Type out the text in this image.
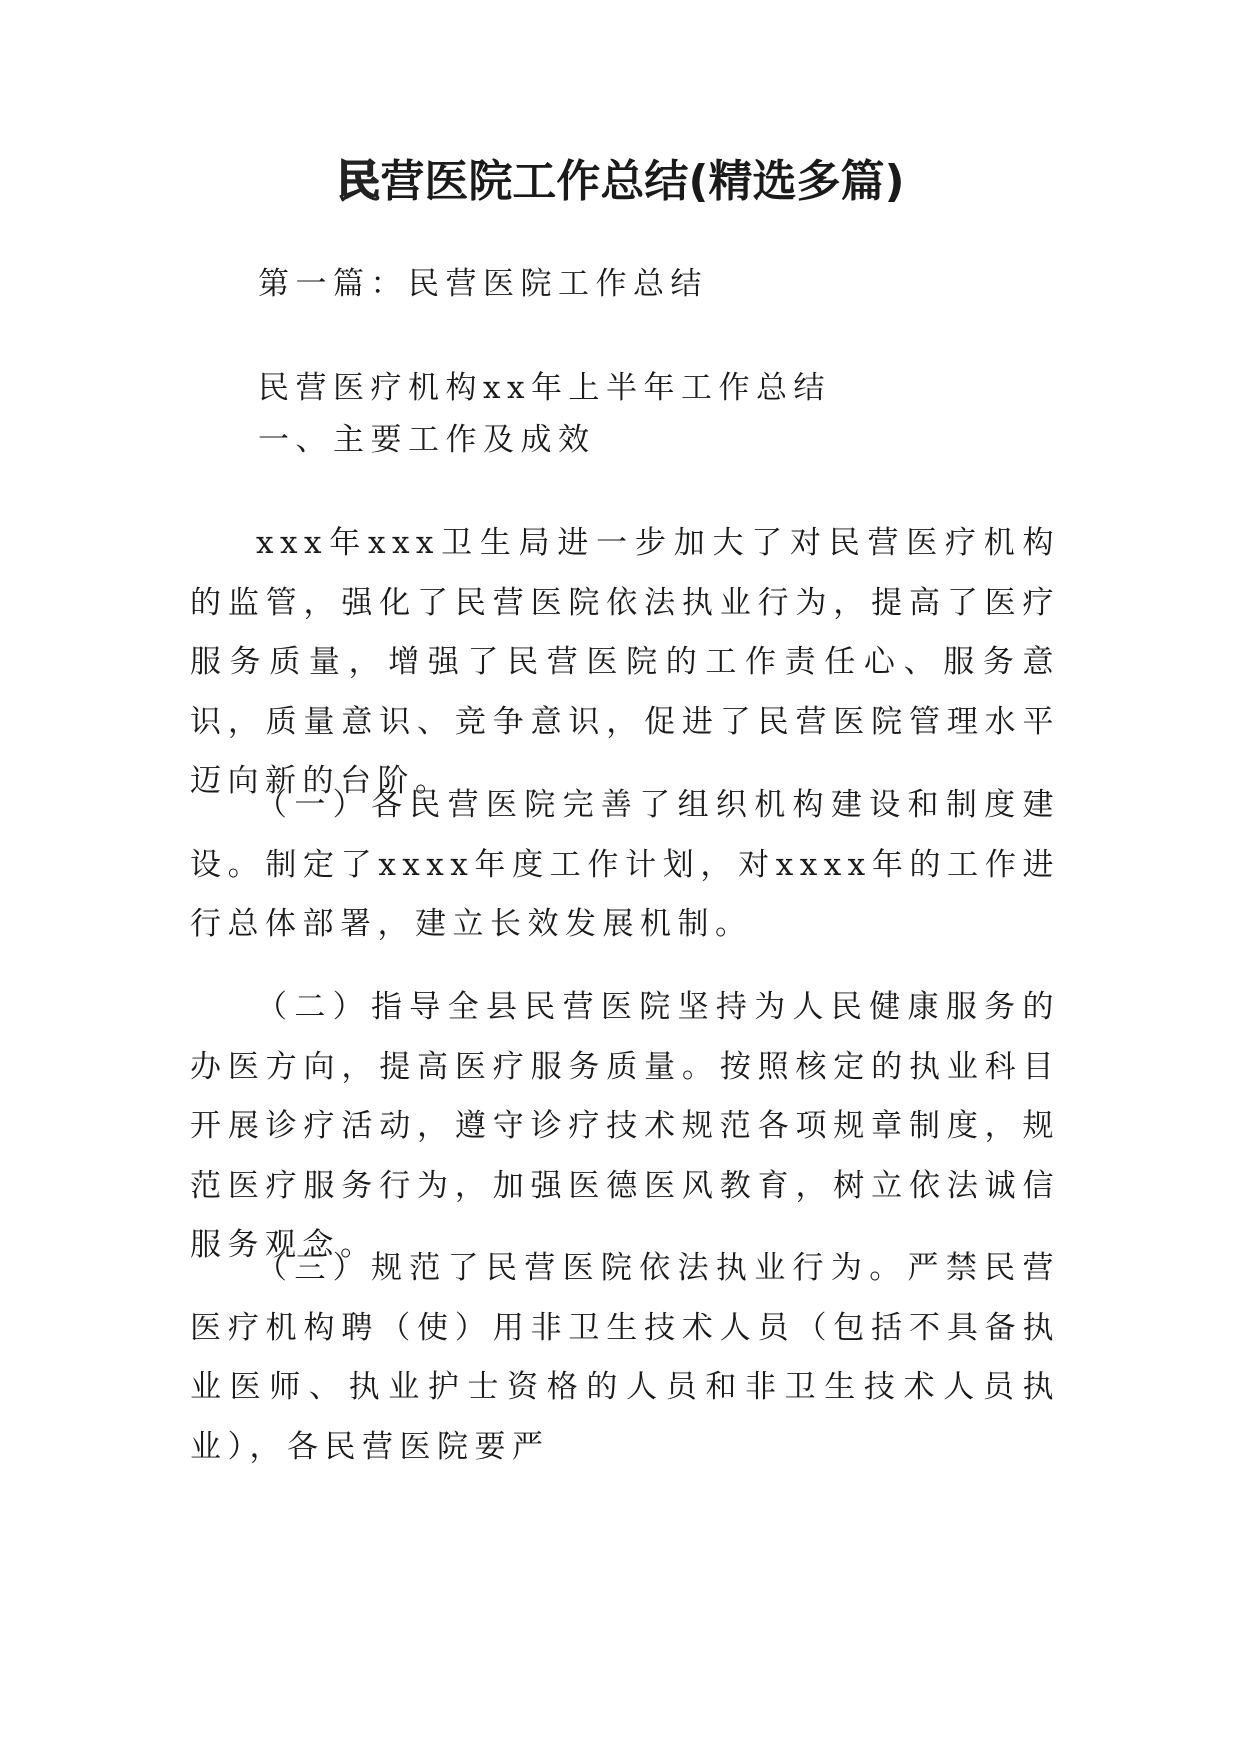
民营医院工作总结(精选多篇)
第一篇：民营医院工作总结
民营医疗机构xx年上半年工作总结
一、主要工作及成效
xxx年xxx卫生局进一步加大了对民营医疗机构的监管，强化了民营医院依法执业行为，提高了医疗服务质量，增强了民营医院的工作责任心、服务意识，质量意识、竞争意识，促进了民营医院管理水平迈向新的台阶。
（一）各民营医院完善了组织机构建设和制度建设。制定了xxxx年度工作计划，对xxxx年的工作进行总体部署，建立长效发展机制。
（二）指导全县民营医院坚持为人民健康服务的办医方向，提高医疗服务质量。按照核定的执业科目开展诊疗活动，遵守诊疗技术规范各项规章制度，规范医疗服务行为，加强医德医风教育，树立依法诚信服务观念。
（三）规范了民营医院依法执业行为。严禁民营医疗机构聘（使）用非卫生技术人员（包括不具备执业医师、执业护士资格的人员和非卫生技术人员执业），各民营医院要严
